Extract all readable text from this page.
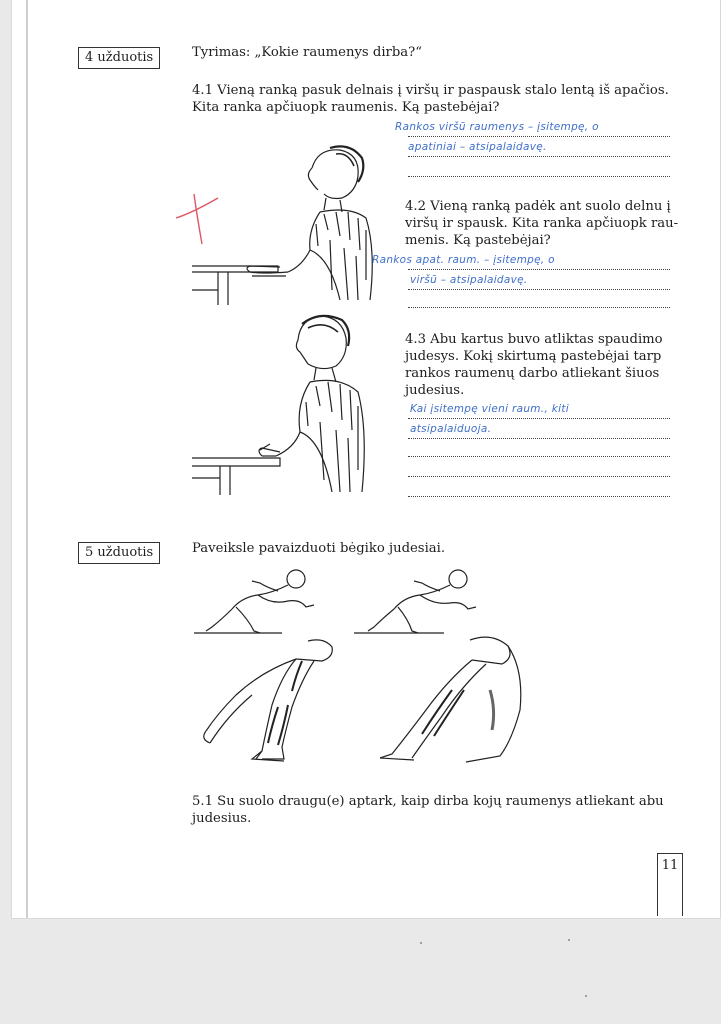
4 užduotis	Tyrimas: „Kokie raumenys dirba?“

4.1 Vieną ranką pasuk delnais į viršų ir paspausk stalo lentą iš apačios.

Kita ranka apčiuopk raumenis. Ką pastebėjai?

Rankos viršū raumenys – įsitempę, o
apatiniai – atsipalaidavę.

4.2 Vieną ranką padėk ant suolo delnu į

viršų ir spausk. Kita ranka apčiuopk rau-

menis. Ką pastebėjai?

Rankos apat. raum. – įsitempę, o
viršū – atsipalaidavę.

4.3 Abu kartus buvo atliktas spaudimo

judesys. Kokį skirtumą pastebėjai tarp

rankos raumenų darbo atliekant šiuos

judesius.

Kai įsitempę vieni raum., kiti
atsipalaiduoja.
5 užduotis	Paveiksle pavaizduoti bėgiko judesiai.

5.1 Su suolo draugu(e) aptark, kaip dirba kojų raumenys atliekant abu

judesius.

11
